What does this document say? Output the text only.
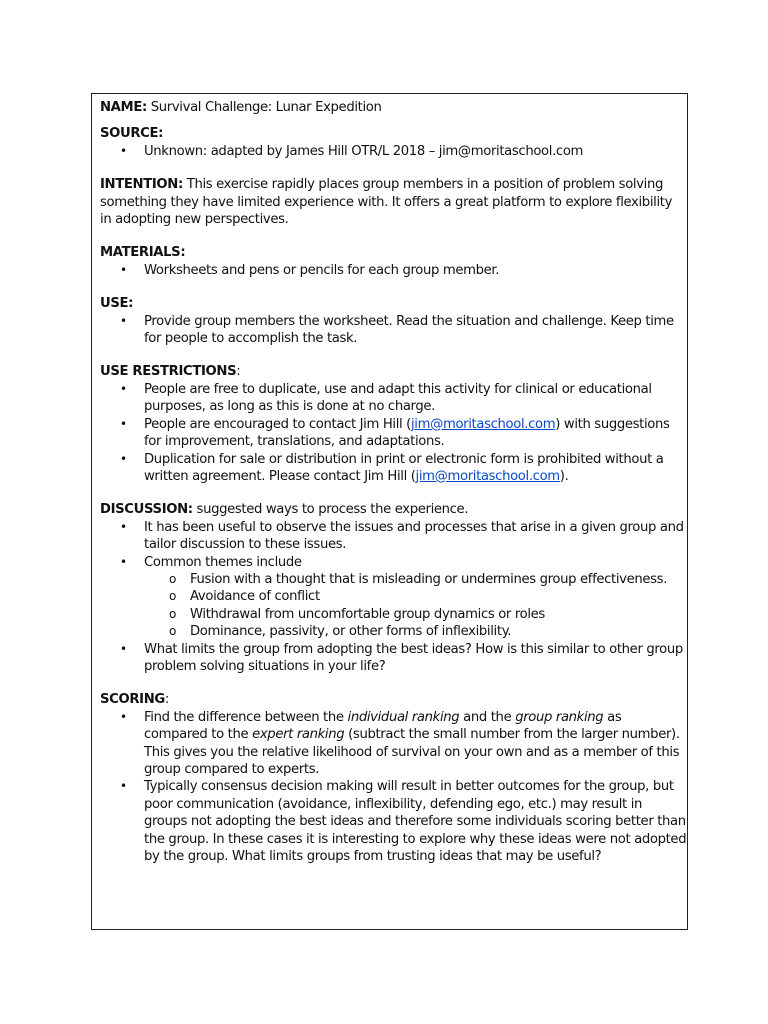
NAME: Survival Challenge: Lunar Expedition

SOURCE:
• Unknown: adapted by James Hill OTR/L 2018 – jim@moritaschool.com

INTENTION: This exercise rapidly places group members in a position of problem solving something they have limited experience with. It offers a great platform to explore flexibility in adopting new perspectives.

MATERIALS:
• Worksheets and pens or pencils for each group member.
USE:
• Provide group members the worksheet. Read the situation and challenge. Keep time for people to accomplish the task.
USE RESTRICTIONS:
• People are free to duplicate, use and adapt this activity for clinical or educational purposes, as long as this is done at no charge.
• People are encouraged to contact Jim Hill (jim@moritaschool.com) with suggestions for improvement, translations, and adaptations.
• Duplication for sale or distribution in print or electronic form is prohibited without a written agreement. Please contact Jim Hill (jim@moritaschool.com).
DISCUSSION: suggested ways to process the experience.
• It has been useful to observe the issues and processes that arise in a given group and tailor discussion to these issues.
• Common themes include
o Fusion with a thought that is misleading or undermines group effectiveness.
o Avoidance of conflict
o Withdrawal from uncomfortable group dynamics or roles
o Dominance, passivity, or other forms of inflexibility.
• What limits the group from adopting the best ideas? How is this similar to other group problem solving situations in your life?
SCORING:
• Find the difference between the individual ranking and the group ranking as compared to the expert ranking (subtract the small number from the larger number). This gives you the relative likelihood of survival on your own and as a member of this group compared to experts.
• Typically consensus decision making will result in better outcomes for the group, but poor communication (avoidance, inflexibility, defending ego, etc.) may result in groups not adopting the best ideas and therefore some individuals scoring better than the group. In these cases it is interesting to explore why these ideas were not adopted by the group. What limits groups from trusting ideas that may be useful?
